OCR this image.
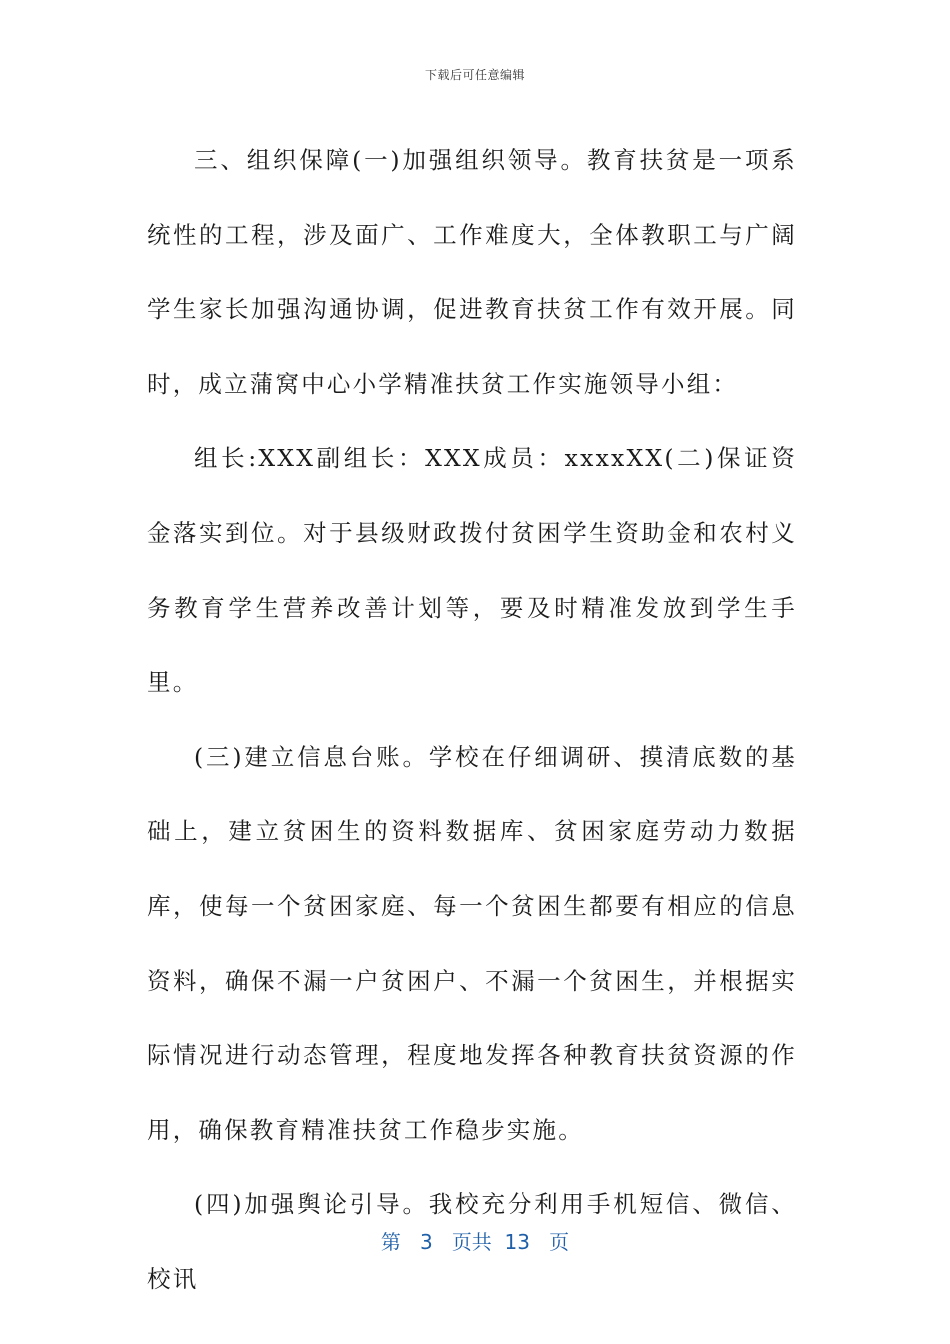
下载后可任意编辑

三、组织保障(一)加强组织领导。教育扶贫是一项系统性的工程，涉及面广、工作难度大，全体教职工与广阔学生家长加强沟通协调，促进教育扶贫工作有效开展。同时，成立蒲窝中心小学精准扶贫工作实施领导小组：

组长:XXX副组长：XXX成员：xxxxXX(二)保证资金落实到位。对于县级财政拨付贫困学生资助金和农村义务教育学生营养改善计划等，要及时精准发放到学生手里。

(三)建立信息台账。学校在仔细调研、摸清底数的基础上，建立贫困生的资料数据库、贫困家庭劳动力数据库，使每一个贫困家庭、每一个贫困生都要有相应的信息资料，确保不漏一户贫困户、不漏一个贫困生，并根据实际情况进行动态管理，程度地发挥各种教育扶贫资源的作用，确保教育精准扶贫工作稳步实施。

(四)加强舆论引导。我校充分利用手机短信、微信、校讯

第 3 页共 13 页
